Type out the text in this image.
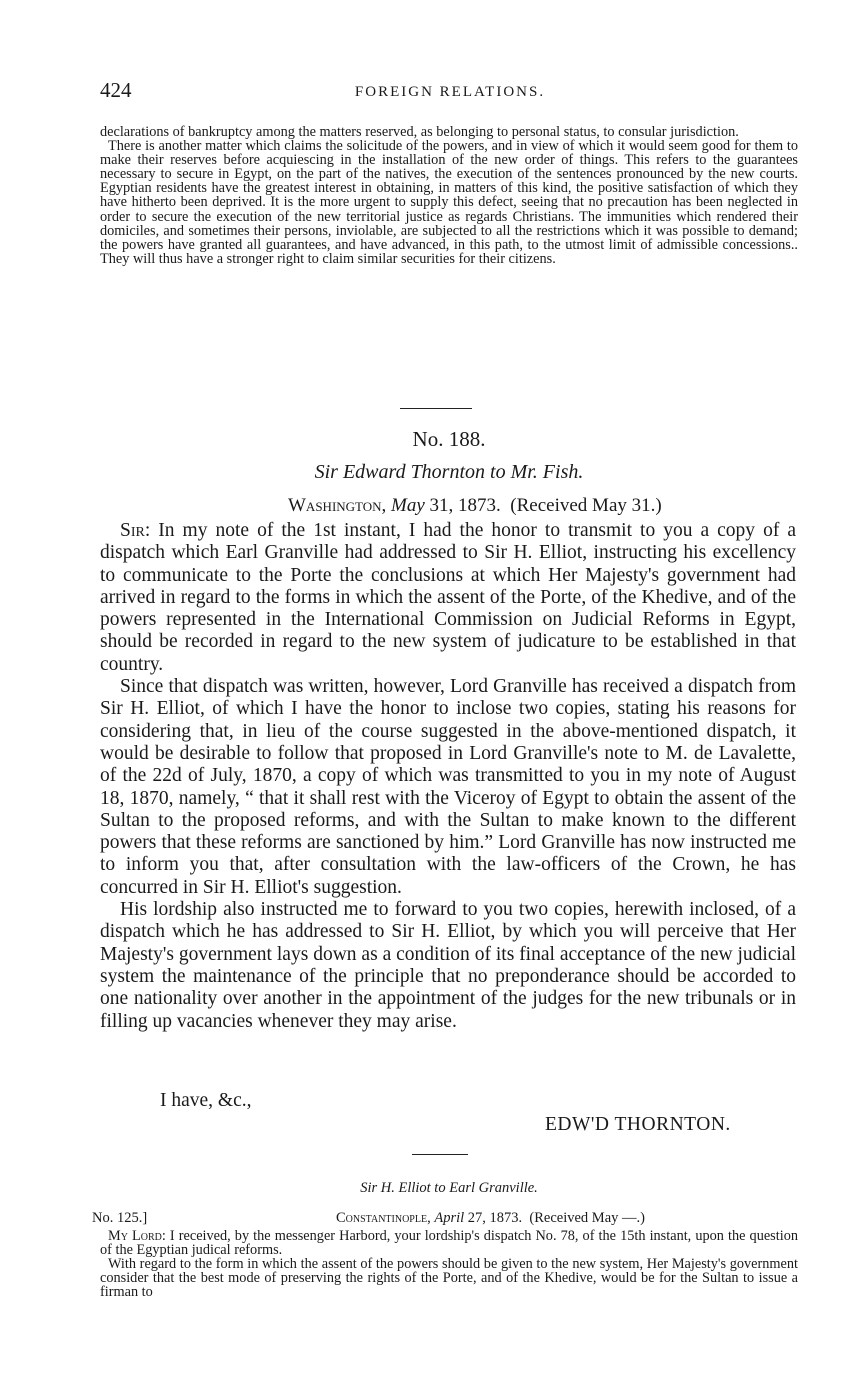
424	FOREIGN RELATIONS.

declarations of bankruptcy among the matters reserved, as belonging to personal status, to consular jurisdiction.

There is another matter which claims the solicitude of the powers, and in view of which it would seem good for them to make their reserves before acquiescing in the installation of the new order of things. This refers to the guarantees necessary to secure in Egypt, on the part of the natives, the execution of the sentences pronounced by the new courts. Egyptian residents have the greatest interest in obtaining, in matters of this kind, the positive satisfaction of which they have hitherto been deprived. It is the more urgent to supply this defect, seeing that no precaution has been neglected in order to secure the execution of the new territorial justice as regards Christians. The immunities which rendered their domiciles, and sometimes their persons, inviolable, are subjected to all the restrictions which it was possible to demand; the powers have granted all guarantees, and have advanced, in this path, to the utmost limit of admissible concessions.. They will thus have a stronger right to claim similar securities for their citizens.

No. 188.
Sir Edward Thornton to Mr. Fish.
Washington, May 31, 1873. (Received May 31.)

Sir: In my note of the 1st instant, I had the honor to transmit to you a copy of a dispatch which Earl Granville had addressed to Sir H. Elliot, instructing his excellency to communicate to the Porte the conclusions at which Her Majesty's government had arrived in regard to the forms in which the assent of the Porte, of the Khedive, and of the powers represented in the International Commission on Judicial Reforms in Egypt, should be recorded in regard to the new system of judicature to be established in that country.

Since that dispatch was written, however, Lord Granville has received a dispatch from Sir H. Elliot, of which I have the honor to inclose two copies, stating his reasons for considering that, in lieu of the course suggested in the above-mentioned dispatch, it would be desirable to follow that proposed in Lord Granville's note to M. de Lavalette, of the 22d of July, 1870, a copy of which was transmitted to you in my note of August 18, 1870, namely, “ that it shall rest with the Viceroy of Egypt to obtain the assent of the Sultan to the proposed reforms, and with the Sultan to make known to the different powers that these reforms are sanctioned by him.” Lord Granville has now instructed me to inform you that, after consultation with the law-officers of the Crown, he has concurred in Sir H. Elliot's suggestion.

His lordship also instructed me to forward to you two copies, herewith inclosed, of a dispatch which he has addressed to Sir H. Elliot, by which you will perceive that Her Majesty's government lays down as a condition of its final acceptance of the new judicial system the maintenance of the principle that no preponderance should be accorded to one nationality over another in the appointment of the judges for the new tribunals or in filling up vacancies whenever they may arise.

I have, &c.,
EDW'D THORNTON.
Sir H. Elliot to Earl Granville.
No. 125.]	Constantinople, April 27, 1873. (Received May —.)

My Lord: I received, by the messenger Harbord, your lordship's dispatch No. 78, of the 15th instant, upon the question of the Egyptian judical reforms.

With regard to the form in which the assent of the powers should be given to the new system, Her Majesty's government consider that the best mode of preserving the rights of the Porte, and of the Khedive, would be for the Sultan to issue a firman to
